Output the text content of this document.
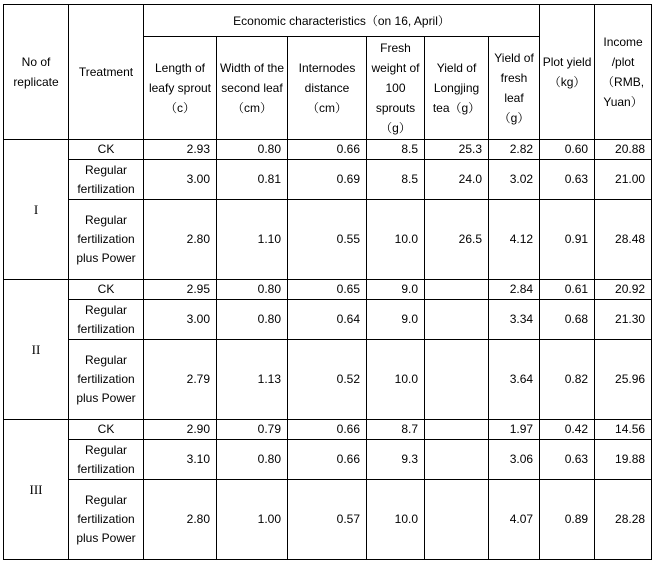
No of replicate	Treatment	Economic characteristics（on 16, April）						Plot yield （kg）	Income /plot （RMB, Yuan）
		Length of leafy sprout（c）	Width of the second leaf （cm）	Internodes distance （cm）	Fresh weight of 100 sprouts （g）	Yield of Longjing tea（g）	Yield of fresh leaf （g）		
I	CK	2.93	0.80	0.66	8.5	25.3	2.82	0.60	20.88
	Regular fertilization	3.00	0.81	0.69	8.5	24.0	3.02	0.63	21.00
	Regular fertilization plus Power	2.80	1.10	0.55	10.0	26.5	4.12	0.91	28.48
II	CK	2.95	0.80	0.65	9.0		2.84	0.61	20.92
	Regular fertilization	3.00	0.80	0.64	9.0		3.34	0.68	21.30
	Regular fertilization plus Power	2.79	1.13	0.52	10.0		3.64	0.82	25.96
III	CK	2.90	0.79	0.66	8.7		1.97	0.42	14.56
	Regular fertilization	3.10	0.80	0.66	9.3		3.06	0.63	19.88
	Regular fertilization plus Power	2.80	1.00	0.57	10.0		4.07	0.89	28.28
